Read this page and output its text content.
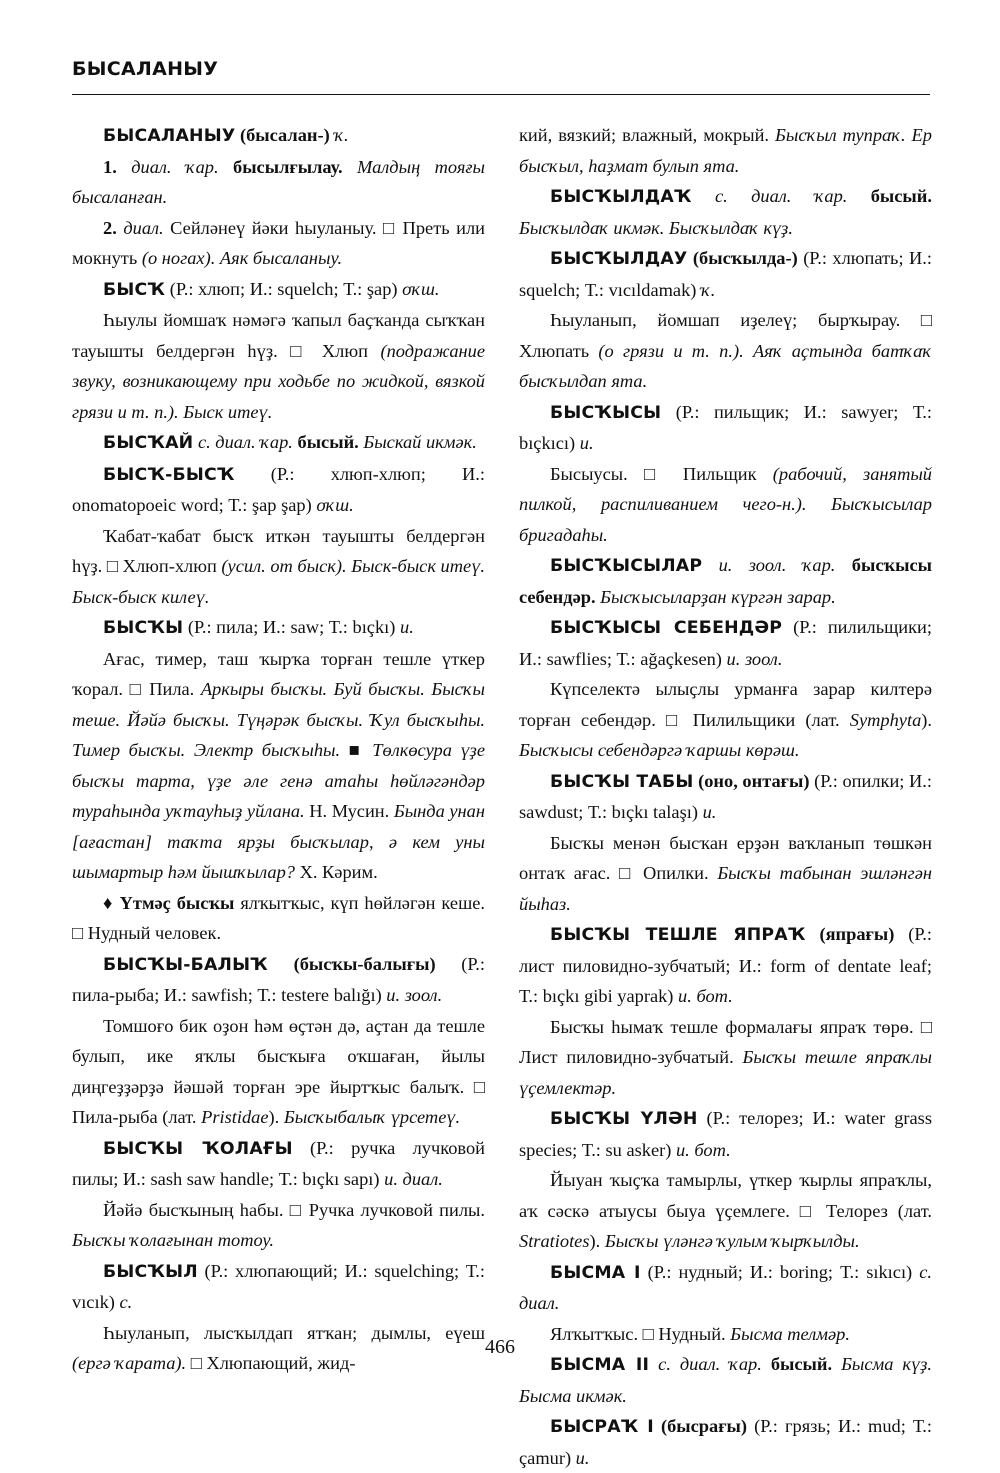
БЫСАЛАНЫУ

БЫСАЛАНЫУ (бысалан-) ҡ.

1. диал. ҡар. бысылғылау. Малдың тояғы бысаланған.

2. диал. Сейләнеү йәки һыуланыу. □ Преть или мокнуть (о ногах). Аяк бысаланыу.

БЫСҠ (Р.: хлюп; И.: squelch; Т.: şap) оҡш.

Һыулы йомшаҡ нәмәгә ҡапыл баҫҡанда сыҡҡан тауышты белдергән һүҙ. □ Хлюп (подражание звуку, возникающему при ходьбе по жидкой, вязкой грязи и т. п.). Быск итеү.

БЫСҠАЙ с. диал. ҡар. бысый. Быскай икмәк.

БЫСҠ-БЫСҠ (Р.: хлюп-хлюп; И.: onomatopoeic word; Т.: şap şap) оҡш.

Ҡабат-ҡабат бысҡ иткән тауышты белдергән һүҙ. □ Хлюп-хлюп (усил. от быск). Быск-быск итеү. Быск-быск килеү.

БЫСҠЫ (Р.: пила; И.: saw; Т.: bıçkı) и.

Ағас, тимер, таш ҡырҡа торған тешле үткер ҡорал. □ Пила. Аркыры бысҡы. Буй бысҡы. Бысҡы теше. Йәйә бысҡы. Түңәрәк бысҡы. Ҡул бысҡыһы. Тимер бысҡы. Электр бысҡыһы. ■ Төлкөсура үҙе бысҡы тарта, үҙе әле генә атаһы һөйләгәндәр тураһында уҡтауһыҙ уйлана. Н. Мусин. Бында унан [ағастан] таҡта ярҙы бысҡылар, ә кем уны шымартыр һәм йышҡылар? Х. Кәрим.

♦ Үтмәҫ бысҡы ялҡытҡыс, күп һөйләгән кеше. □ Нудный человек.

БЫСҠЫ-БАЛЫҠ (бысҡы-балығы) (Р.: пила-рыба; И.: sawfish; Т.: testere balığı) и. зоол.

Томшоғо бик оҙон һәм өҫтән дә, аҫтан да тешле булып, ике яҡлы бысҡыға оҡшаған, йылы диңгеҙҙәрҙә йәшәй торған эре йыртҡыс балыҡ. □ Пила-рыба (лат. Pristidae). Бысҡыбалыҡ үрсетеү.

БЫСҠЫ ҠОЛАҒЫ (Р.: ручка лучковой пилы; И.: sash saw handle; Т.: bıçkı sapı) и. диал.

Йәйә бысҡының һабы. □ Ручка лучковой пилы. Бысҡы ҡолағынан тотоу.

БЫСҠЫЛ (Р.: хлюпающий; И.: squelching; Т.: vıcık) с.

Һыуланып, лысҡылдап ятҡан; дымлы, еүеш (ергә ҡарата). □ Хлюпающий, жид-

кий, вязкий; влажный, мокрый. Бысҡыл тупраҡ. Ер бысҡыл, һаҙмат булып ята.

БЫСҠЫЛДАҠ с. диал. ҡар. бысый. Бысҡылдаҡ икмәк. Бысҡылдаҡ күҙ.

БЫСҠЫЛДАУ (бысҡылда-) (Р.: хлюпать; И.: squelch; Т.: vıcıldamak) ҡ.

Һыуланып, йомшап иҙелеү; бырҡырау. □ Хлюпать (о грязи и т. п.). Аяҡ аҫтында батҡаҡ бысҡылдап ята.

БЫСҠЫСЫ (Р.: пильщик; И.: sawyer; Т.: bıçkıcı) и.

Бысыусы. □ Пильщик (рабочий, занятый пилкой, распиливанием чего-н.). Бысҡысылар бригадаһы.

БЫСҠЫСЫЛАР и. зоол. ҡар. бысҡысы себендәр. Бысҡысыларҙан күргән зарар.

БЫСҠЫСЫ СЕБЕНДӘР (Р.: пилильщики; И.: sawflies; Т.: ağaçkesen) и. зоол.

Күпселектә ылыҫлы урманға зарар килтерә торған себендәр. □ Пилильщики (лат. Symphyta). Бысҡысы себендәргә ҡаршы көрәш.

БЫСҠЫ ТАБЫ (оно, онтағы) (Р.: опилки; И.: sawdust; Т.: bıçkı talaşı) и.

Бысҡы менән бысҡан ерҙән ваҡланып төшкән онтаҡ ағас. □ Опилки. Бысҡы табынан эшләнгән йыһаз.

БЫСҠЫ ТЕШЛЕ ЯПРАҠ (япрағы) (Р.: лист пиловидно-зубчатый; И.: form of dentate leaf; Т.: bıçkı gibi yaprak) и. бот.

Бысҡы һымаҡ тешле формалағы япраҡ төрө. □ Лист пиловидно-зубчатый. Бысҡы тешле япраҡлы үҫемлектәр.

БЫСҠЫ ҮЛӘН (Р.: телорез; И.: water grass species; Т.: su asker) и. бот.

Йыуан ҡыҫҡа тамырлы, үткер ҡырлы япраҡлы, аҡ сәскә атыусы быуа үҫемлеге. □ Телорез (лат. Stratiotes). Бысҡы үләнгә ҡулым ҡырҡылды.

БЫСМА I (Р.: нудный; И.: boring; Т.: sıkıcı) с. диал.

Ялҡытҡыс. □ Нудный. Бысма телмәр.

БЫСМА II с. диал. ҡар. бысый. Бысма күҙ. Бысма икмәк.

БЫСРАҠ I (бысрағы) (Р.: грязь; И.: mud; Т.: çamur) и.

466
